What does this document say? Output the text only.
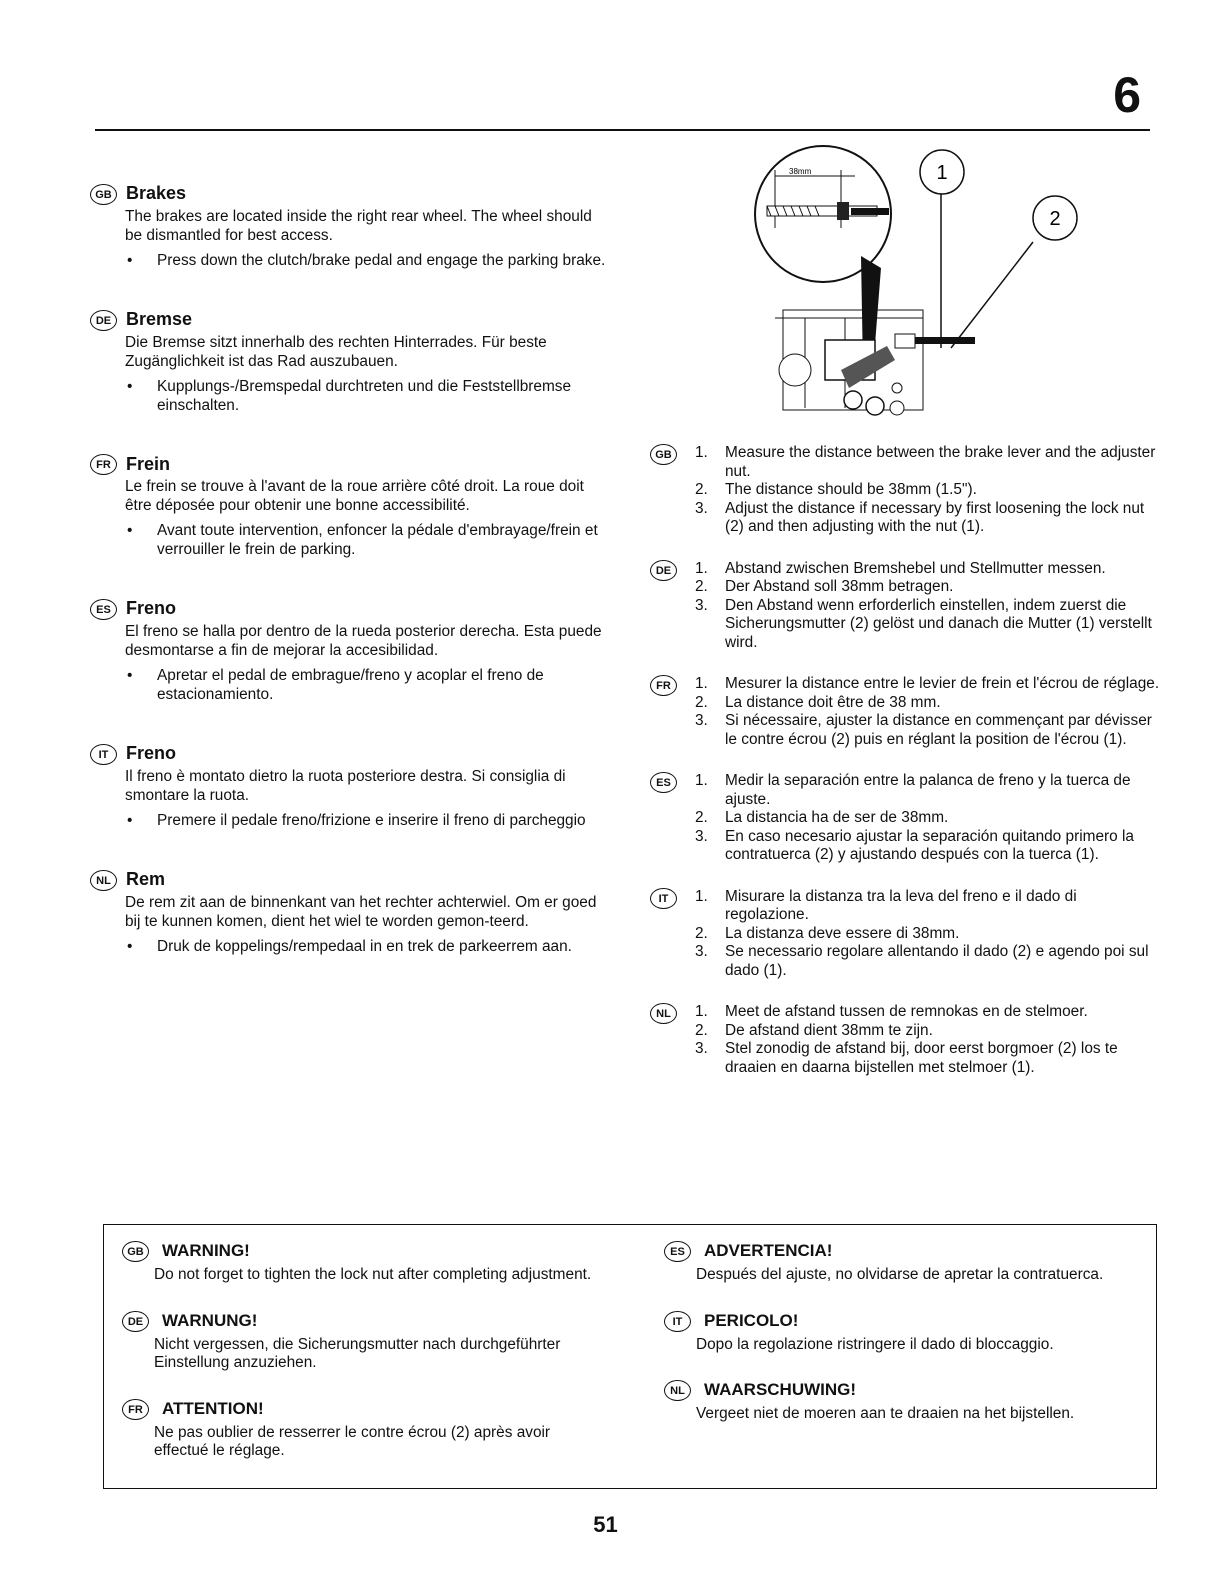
6
GB Brakes

The brakes are located inside the right rear wheel. The wheel should be dismantled for best access.

• Press down the clutch/brake pedal and engage the parking brake.
DE Bremse

Die Bremse sitzt innerhalb des rechten Hinterrades. Für beste Zugänglichkeit ist das Rad auszubauen.

• Kupplungs-/Bremspedal durchtreten und die Feststellbremse einschalten.
FR Frein

Le frein se trouve à l'avant de la roue arrière côté droit. La roue doit être déposée pour obtenir une bonne accessibilité.

• Avant toute intervention, enfoncer la pédale d'embrayage/frein et verrouiller le frein de parking.
ES Freno

El freno se halla por dentro de la rueda posterior derecha. Esta puede desmontarse a fin de mejorar la accesibilidad.

• Apretar el pedal de embrague/freno y acoplar el freno de estacionamiento.
IT Freno

Il freno è montato dietro la ruota posteriore destra. Si consiglia di smontare la ruota.

• Premere il pedale freno/frizione e inserire il freno di parcheggio
NL Rem

De rem zit aan de binnenkant van het rechter achterwiel. Om er goed bij te kunnen komen, dient het wiel te worden gemon-teerd.

• Druk de koppelings/rempedaal in en trek de parkeerrem aan.
38mm	1
2
GB	1. Measure the distance between the brake lever and the adjuster nut.
2. The distance should be 38mm (1.5").
3. Adjust the distance if necessary by first loosening the lock nut (2) and then adjusting with the nut (1).
DE	1. Abstand zwischen Bremshebel und Stellmutter messen.
2. Der Abstand soll 38mm betragen.
3. Den Abstand wenn erforderlich einstellen, indem zuerst die Sicherungsmutter (2) gelöst und danach die Mutter (1) verstellt wird.
FR	1. Mesurer la distance entre le levier de frein et l'écrou de réglage.
2. La distance doit être de 38 mm.
3. Si nécessaire, ajuster la distance en commençant par dévisser le contre écrou (2) puis en réglant la position de l'écrou (1).
ES	1. Medir la separación entre la palanca de freno y la tuerca de ajuste.
2. La distancia ha de ser de 38mm.
3. En caso necesario ajustar la separación quitando primero la contratuerca (2) y ajustando después con la tuerca (1).
IT	1. Misurare la distanza tra la leva del freno e il dado di regolazione.
2. La distanza deve essere di 38mm.
3. Se necessario regolare allentando il dado (2) e agendo poi sul dado (1).
NL	1. Meet de afstand tussen de remnokas en de stelmoer.
2. De afstand dient 38mm te zijn.
3. Stel zonodig de afstand bij, door eerst borgmoer (2) los te draaien en daarna bijstellen met stelmoer (1).
GB WARNING!

Do not forget to tighten the lock nut after completing adjustment.

DE WARNUNG!

Nicht vergessen, die Sicherungsmutter nach durchgeführter Einstellung anzuziehen.

FR ATTENTION!

Ne pas oublier de resserrer le contre écrou (2) après avoir effectué le réglage.

ES ADVERTENCIA!

Después del ajuste, no olvidarse de apretar la contratuerca.

IT PERICOLO!

Dopo la regolazione ristringere il dado di bloccaggio.

NL WAARSCHUWING!

Vergeet niet de moeren aan te draaien na het bijstellen.

51
